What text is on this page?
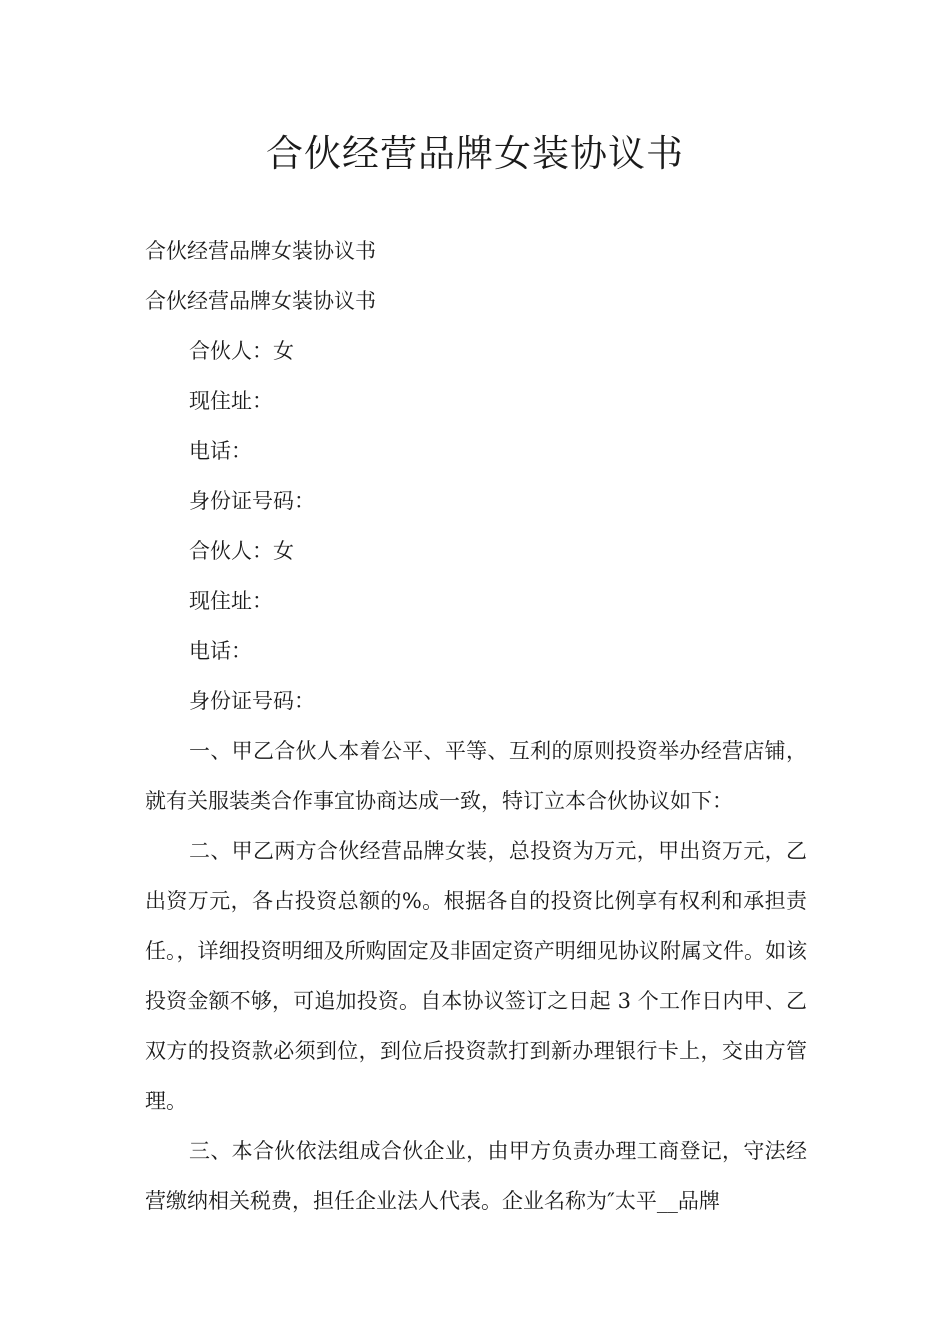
合伙经营品牌女装协议书

合伙经营品牌女装协议书

合伙经营品牌女装协议书

合伙人：女

现住址：

电话：

身份证号码：

合伙人：女

现住址：

电话：

身份证号码：

一、甲乙合伙人本着公平、平等、互利的原则投资举办经营店铺，就有关服装类合作事宜协商达成一致，特订立本合伙协议如下：

二、甲乙两方合伙经营品牌女装，总投资为万元，甲出资万元，乙出资万元，各占投资总额的%。根据各自的投资比例享有权利和承担责任。，详细投资明细及所购固定及非固定资产明细见协议附属文件。如该投资金额不够，可追加投资。自本协议签订之日起 3 个工作日内甲、乙双方的投资款必须到位，到位后投资款打到新办理银行卡上，交由方管理。

三、本合伙依法组成合伙企业，由甲方负责办理工商登记，守法经营缴纳相关税费，担任企业法人代表。企业名称为″太平__品牌
